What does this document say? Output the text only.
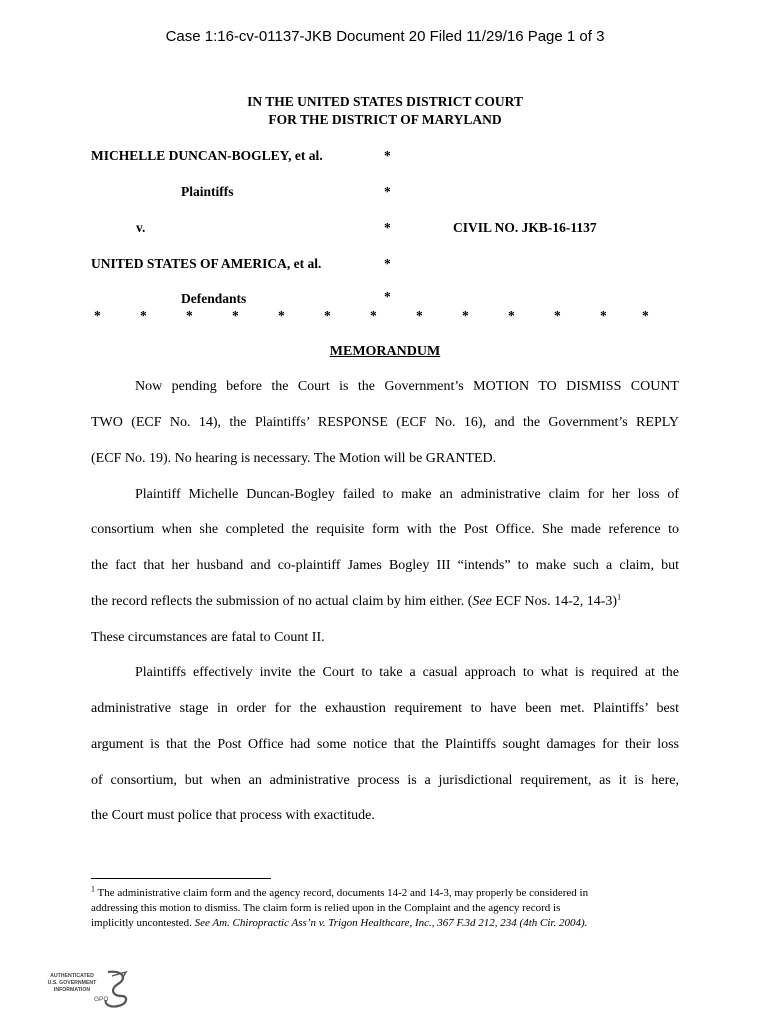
Case 1:16-cv-01137-JKB Document 20 Filed 11/29/16 Page 1 of 3
IN THE UNITED STATES DISTRICT COURT
FOR THE DISTRICT OF MARYLAND
MICHELLE DUNCAN-BOGLEY, et al.	*
Plaintiffs	*
v.	*	CIVIL NO. JKB-16-1137
UNITED STATES OF AMERICA, et al.	*
Defendants	*
*	*	*	*	*	*	*	*	*	*	*	*	*
MEMORANDUM
Now pending before the Court is the Government’s MOTION TO DISMISS COUNT
TWO (ECF No. 14), the Plaintiffs’ RESPONSE (ECF No. 16), and the Government’s REPLY
(ECF No. 19). No hearing is necessary. The Motion will be GRANTED.
Plaintiff Michelle Duncan-Bogley failed to make an administrative claim for her loss of
consortium when she completed the requisite form with the Post Office. She made reference to
the fact that her husband and co-plaintiff James Bogley III “intends” to make such a claim, but
the record reflects the submission of no actual claim by him either. (See ECF Nos. 14-2, 14-3)$^1$
These circumstances are fatal to Count II.
Plaintiffs effectively invite the Court to take a casual approach to what is required at the
administrative stage in order for the exhaustion requirement to have been met. Plaintiffs’ best
argument is that the Post Office had some notice that the Plaintiffs sought damages for their loss
of consortium, but when an administrative process is a jurisdictional requirement, as it is here,
the Court must police that process with exactitude.
$^1$ The administrative claim form and the agency record, documents 14-2 and 14-3, may properly be considered in
addressing this motion to dismiss. The claim form is relied upon in the Complaint and the agency record is
implicitly uncontested. See Am. Chiropractic Ass’n v. Trigon Healthcare, Inc., 367 F.3d 212, 234 (4th Cir. 2004).
AUTHENTICATED
U.S. GOVERNMENT
INFORMATION
GPO
